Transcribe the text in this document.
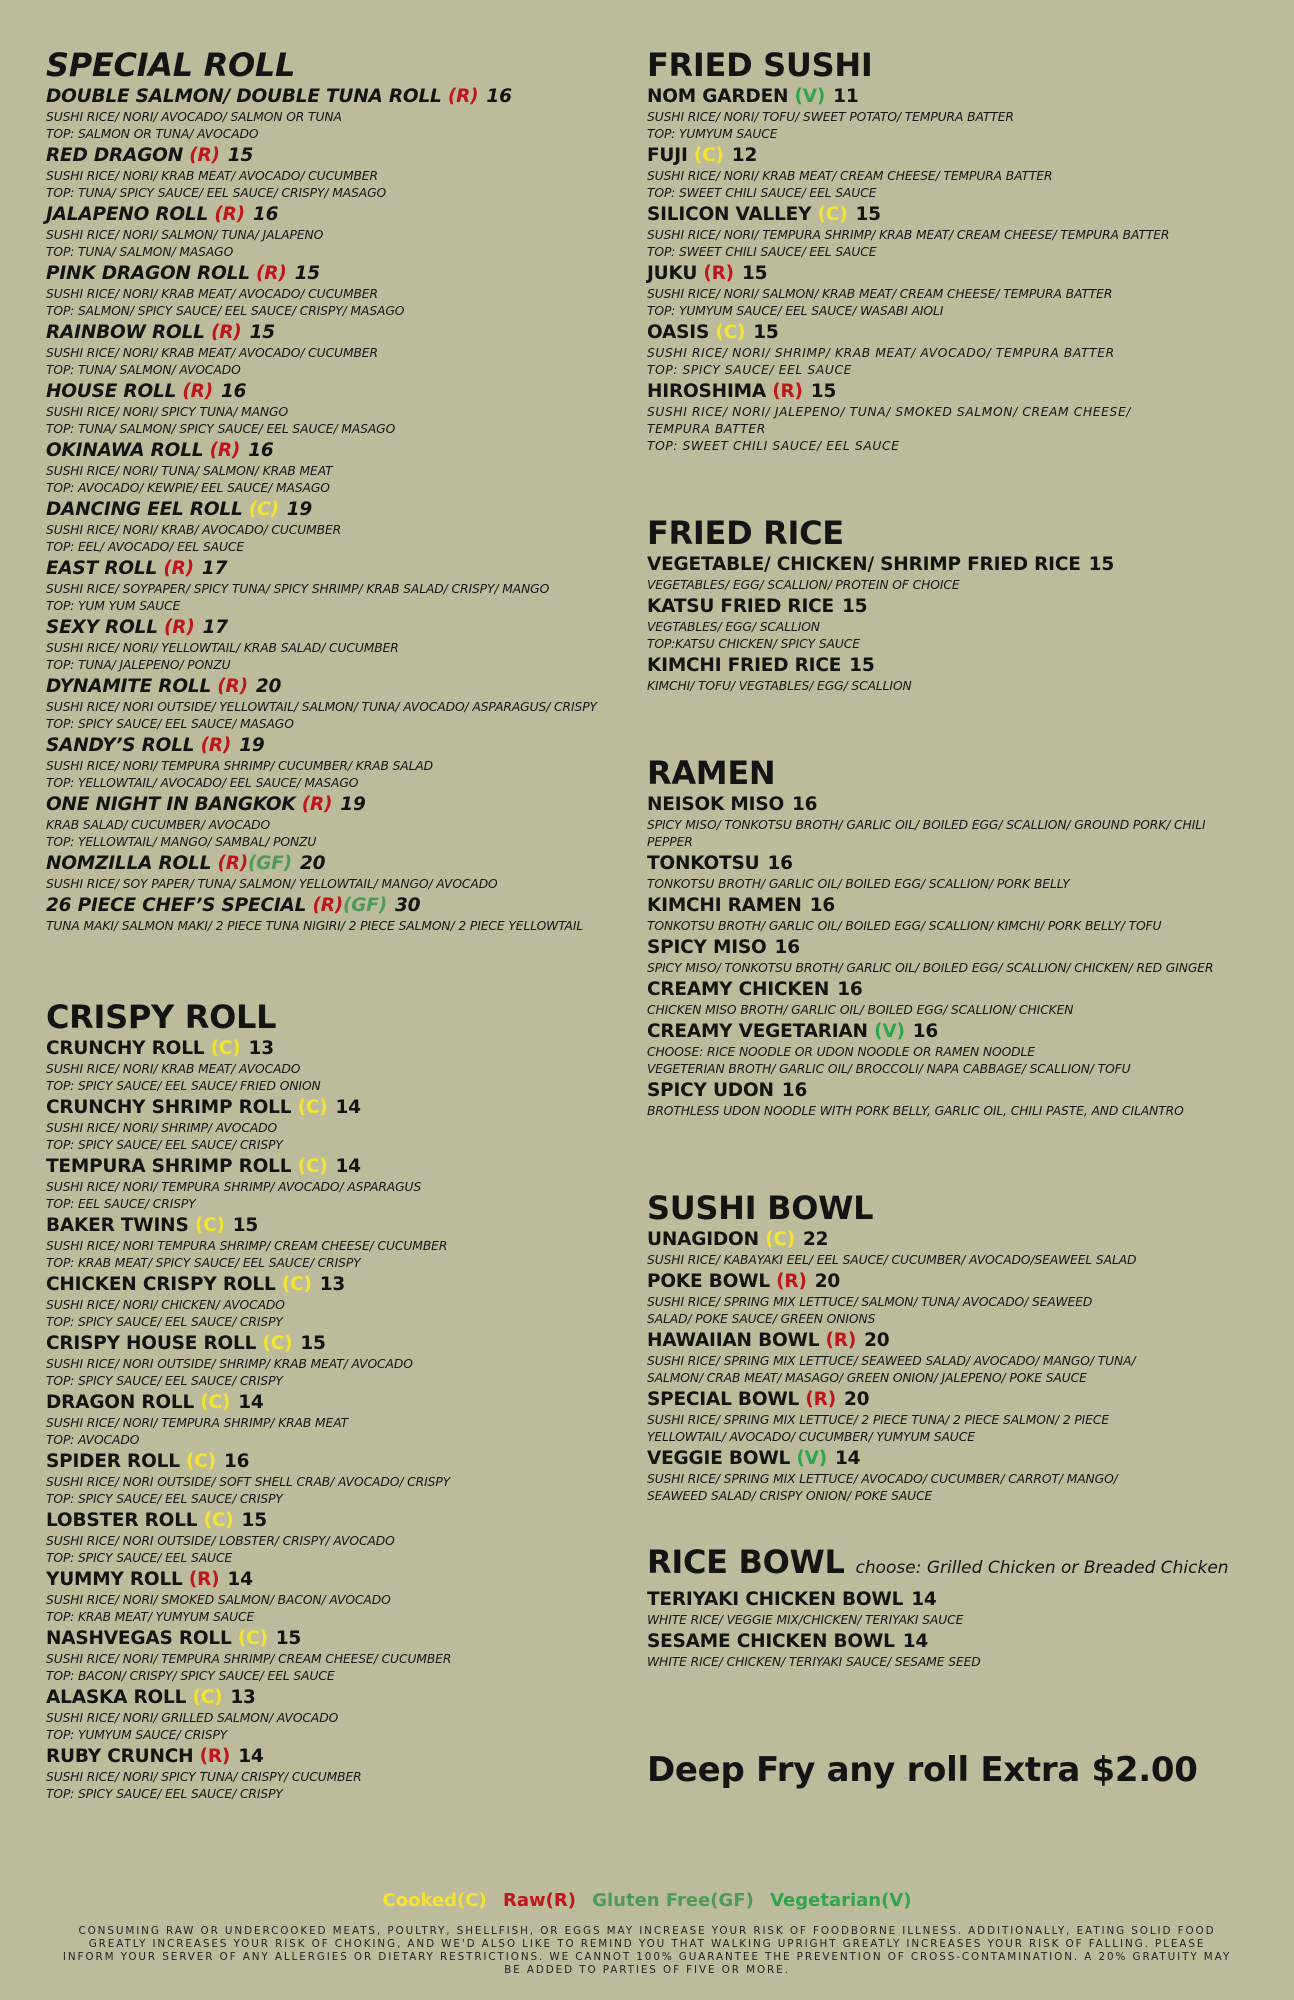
SPECIAL ROLL
DOUBLE SALMON/ DOUBLE TUNA ROLL (R) 16
SUSHI RICE/ NORI/ AVOCADO/ SALMON OR TUNA
TOP: SALMON OR TUNA/ AVOCADO
RED DRAGON (R) 15
SUSHI RICE/ NORI/ KRAB MEAT/ AVOCADO/ CUCUMBER
TOP: TUNA/ SPICY SAUCE/ EEL SAUCE/ CRISPY/ MASAGO
JALAPENO ROLL (R) 16
SUSHI RICE/ NORI/ SALMON/ TUNA/ JALAPENO
TOP: TUNA/ SALMON/ MASAGO
PINK DRAGON ROLL (R) 15
SUSHI RICE/ NORI/ KRAB MEAT/ AVOCADO/ CUCUMBER
TOP: SALMON/ SPICY SAUCE/ EEL SAUCE/ CRISPY/ MASAGO
RAINBOW ROLL (R) 15
SUSHI RICE/ NORI/ KRAB MEAT/ AVOCADO/ CUCUMBER
TOP: TUNA/ SALMON/ AVOCADO
HOUSE ROLL (R) 16
SUSHI RICE/ NORI/ SPICY TUNA/ MANGO
TOP: TUNA/ SALMON/ SPICY SAUCE/ EEL SAUCE/ MASAGO
OKINAWA ROLL (R) 16
SUSHI RICE/ NORI/ TUNA/ SALMON/ KRAB MEAT
TOP: AVOCADO/ KEWPIE/ EEL SAUCE/ MASAGO
DANCING EEL ROLL (C) 19
SUSHI RICE/ NORI/ KRAB/ AVOCADO/ CUCUMBER
TOP: EEL/ AVOCADO/ EEL SAUCE
EAST ROLL (R) 17
SUSHI RICE/ SOYPAPER/ SPICY TUNA/ SPICY SHRIMP/ KRAB SALAD/ CRISPY/ MANGO
TOP: YUM YUM SAUCE
SEXY ROLL (R) 17
SUSHI RICE/ NORI/ YELLOWTAIL/ KRAB SALAD/ CUCUMBER
TOP: TUNA/ JALEPENO/ PONZU
DYNAMITE ROLL (R) 20
SUSHI RICE/ NORI OUTSIDE/ YELLOWTAIL/ SALMON/ TUNA/ AVOCADO/ ASPARAGUS/ CRISPY
TOP: SPICY SAUCE/ EEL SAUCE/ MASAGO
SANDY’S ROLL (R) 19
SUSHI RICE/ NORI/ TEMPURA SHRIMP/ CUCUMBER/ KRAB SALAD
TOP: YELLOWTAIL/ AVOCADO/ EEL SAUCE/ MASAGO
ONE NIGHT IN BANGKOK (R) 19
KRAB SALAD/ CUCUMBER/ AVOCADO
TOP: YELLOWTAIL/ MANGO/ SAMBAL/ PONZU
NOMZILLA ROLL (R)(GF) 20
SUSHI RICE/ SOY PAPER/ TUNA/ SALMON/ YELLOWTAIL/ MANGO/ AVOCADO
26 PIECE CHEF’S SPECIAL (R)(GF) 30
TUNA MAKI/ SALMON MAKI/ 2 PIECE TUNA NIGIRI/ 2 PIECE SALMON/ 2 PIECE YELLOWTAIL
CRISPY ROLL
CRUNCHY ROLL (C) 13
SUSHI RICE/ NORI/ KRAB MEAT/ AVOCADO
TOP: SPICY SAUCE/ EEL SAUCE/ FRIED ONION
CRUNCHY SHRIMP ROLL (C) 14
SUSHI RICE/ NORI/ SHRIMP/ AVOCADO
TOP: SPICY SAUCE/ EEL SAUCE/ CRISPY
TEMPURA SHRIMP ROLL (C) 14
SUSHI RICE/ NORI/ TEMPURA SHRIMP/ AVOCADO/ ASPARAGUS
TOP: EEL SAUCE/ CRISPY
BAKER TWINS (C) 15
SUSHI RICE/ NORI TEMPURA SHRIMP/ CREAM CHEESE/ CUCUMBER
TOP: KRAB MEAT/ SPICY SAUCE/ EEL SAUCE/ CRISPY
CHICKEN CRISPY ROLL (C) 13
SUSHI RICE/ NORI/ CHICKEN/ AVOCADO
TOP: SPICY SAUCE/ EEL SAUCE/ CRISPY
CRISPY HOUSE ROLL (C) 15
SUSHI RICE/ NORI OUTSIDE/ SHRIMP/ KRAB MEAT/ AVOCADO
TOP: SPICY SAUCE/ EEL SAUCE/ CRISPY
DRAGON ROLL (C) 14
SUSHI RICE/ NORI/ TEMPURA SHRIMP/ KRAB MEAT
TOP: AVOCADO
SPIDER ROLL (C) 16
SUSHI RICE/ NORI OUTSIDE/ SOFT SHELL CRAB/ AVOCADO/ CRISPY
TOP: SPICY SAUCE/ EEL SAUCE/ CRISPY
LOBSTER ROLL (C) 15
SUSHI RICE/ NORI OUTSIDE/ LOBSTER/ CRISPY/ AVOCADO
TOP: SPICY SAUCE/ EEL SAUCE
YUMMY ROLL (R) 14
SUSHI RICE/ NORI/ SMOKED SALMON/ BACON/ AVOCADO
TOP: KRAB MEAT/ YUMYUM SAUCE
NASHVEGAS ROLL (C) 15
SUSHI RICE/ NORI/ TEMPURA SHRIMP/ CREAM CHEESE/ CUCUMBER
TOP: BACON/ CRISPY/ SPICY SAUCE/ EEL SAUCE
ALASKA ROLL (C) 13
SUSHI RICE/ NORI/ GRILLED SALMON/ AVOCADO
TOP: YUMYUM SAUCE/ CRISPY
RUBY CRUNCH (R) 14
SUSHI RICE/ NORI/ SPICY TUNA/ CRISPY/ CUCUMBER
TOP: SPICY SAUCE/ EEL SAUCE/ CRISPY
FRIED SUSHI
NOM GARDEN (V) 11
SUSHI RICE/ NORI/ TOFU/ SWEET POTATO/ TEMPURA BATTER
TOP: YUMYUM SAUCE
FUJI (C) 12
SUSHI RICE/ NORI/ KRAB MEAT/ CREAM CHEESE/ TEMPURA BATTER
TOP: SWEET CHILI SAUCE/ EEL SAUCE
SILICON VALLEY (C) 15
SUSHI RICE/ NORI/ TEMPURA SHRIMP/ KRAB MEAT/ CREAM CHEESE/ TEMPURA BATTER
TOP: SWEET CHILI SAUCE/ EEL SAUCE
JUKU (R) 15
SUSHI RICE/ NORI/ SALMON/ KRAB MEAT/ CREAM CHEESE/ TEMPURA BATTER
TOP: YUMYUM SAUCE/ EEL SAUCE/ WASABI AIOLI
OASIS (C) 15
SUSHI RICE/ NORI/ SHRIMP/ KRAB MEAT/ AVOCADO/ TEMPURA BATTER
TOP: SPICY SAUCE/ EEL SAUCE
HIROSHIMA (R) 15
SUSHI RICE/ NORI/ JALEPENO/ TUNA/ SMOKED SALMON/ CREAM CHEESE/
TEMPURA BATTER
TOP: SWEET CHILI SAUCE/ EEL SAUCE
FRIED RICE
VEGETABLE/ CHICKEN/ SHRIMP FRIED RICE 15
VEGETABLES/ EGG/ SCALLION/ PROTEIN OF CHOICE
KATSU FRIED RICE 15
VEGTABLES/ EGG/ SCALLION
TOP:KATSU CHICKEN/ SPICY SAUCE
KIMCHI FRIED RICE 15
KIMCHI/ TOFU/ VEGTABLES/ EGG/ SCALLION
RAMEN
NEISOK MISO 16
SPICY MISO/ TONKOTSU BROTH/ GARLIC OIL/ BOILED EGG/ SCALLION/ GROUND PORK/ CHILI
PEPPER
TONKOTSU 16
TONKOTSU BROTH/ GARLIC OIL/ BOILED EGG/ SCALLION/ PORK BELLY
KIMCHI RAMEN 16
TONKOTSU BROTH/ GARLIC OIL/ BOILED EGG/ SCALLION/ KIMCHI/ PORK BELLY/ TOFU
SPICY MISO 16
SPICY MISO/ TONKOTSU BROTH/ GARLIC OIL/ BOILED EGG/ SCALLION/ CHICKEN/ RED GINGER
CREAMY CHICKEN 16
CHICKEN MISO BROTH/ GARLIC OIL/ BOILED EGG/ SCALLION/ CHICKEN
CREAMY VEGETARIAN (V) 16
CHOOSE: RICE NOODLE OR UDON NOODLE OR RAMEN NOODLE
VEGETERIAN BROTH/ GARLIC OIL/ BROCCOLI/ NAPA CABBAGE/ SCALLION/ TOFU
SPICY UDON 16
BROTHLESS UDON NOODLE WITH PORK BELLY, GARLIC OIL, CHILI PASTE, AND CILANTRO
SUSHI BOWL
UNAGIDON (C) 22
SUSHI RICE/ KABAYAKI EEL/ EEL SAUCE/ CUCUMBER/ AVOCADO/SEAWEEL SALAD
POKE BOWL (R) 20
SUSHI RICE/ SPRING MIX LETTUCE/ SALMON/ TUNA/ AVOCADO/ SEAWEED
SALAD/ POKE SAUCE/ GREEN ONIONS
HAWAIIAN BOWL (R) 20
SUSHI RICE/ SPRING MIX LETTUCE/ SEAWEED SALAD/ AVOCADO/ MANGO/ TUNA/
SALMON/ CRAB MEAT/ MASAGO/ GREEN ONION/ JALEPENO/ POKE SAUCE
SPECIAL BOWL (R) 20
SUSHI RICE/ SPRING MIX LETTUCE/ 2 PIECE TUNA/ 2 PIECE SALMON/ 2 PIECE
YELLOWTAIL/ AVOCADO/ CUCUMBER/ YUMYUM SAUCE
VEGGIE BOWL (V) 14
SUSHI RICE/ SPRING MIX LETTUCE/ AVOCADO/ CUCUMBER/ CARROT/ MANGO/
SEAWEED SALAD/ CRISPY ONION/ POKE SAUCE
RICE BOWL choose: Grilled Chicken or Breaded Chicken
TERIYAKI CHICKEN BOWL 14
WHITE RICE/ VEGGIE MIX/CHICKEN/ TERIYAKI SAUCE
SESAME CHICKEN BOWL 14
WHITE RICE/ CHICKEN/ TERIYAKI SAUCE/ SESAME SEED
Deep Fry any roll Extra $2.00
Cooked(C) Raw(R) Gluten Free(GF) Vegetarian(V)
CONSUMING RAW OR UNDERCOOKED MEATS, POULTRY, SHELLFISH, OR EGGS MAY INCREASE YOUR RISK OF FOODBORNE ILLNESS. ADDITIONALLY, EATING SOLID FOOD GREATLY INCREASES YOUR RISK OF CHOKING, AND WE'D ALSO LIKE TO REMIND YOU THAT WALKING UPRIGHT GREATLY INCREASES YOUR RISK OF FALLING. PLEASE INFORM YOUR SERVER OF ANY ALLERGIES OR DIETARY RESTRICTIONS. WE CANNOT 100% GUARANTEE THE PREVENTION OF CROSS-CONTAMINATION. A 20% GRATUITY MAY BE ADDED TO PARTIES OF FIVE OR MORE.
